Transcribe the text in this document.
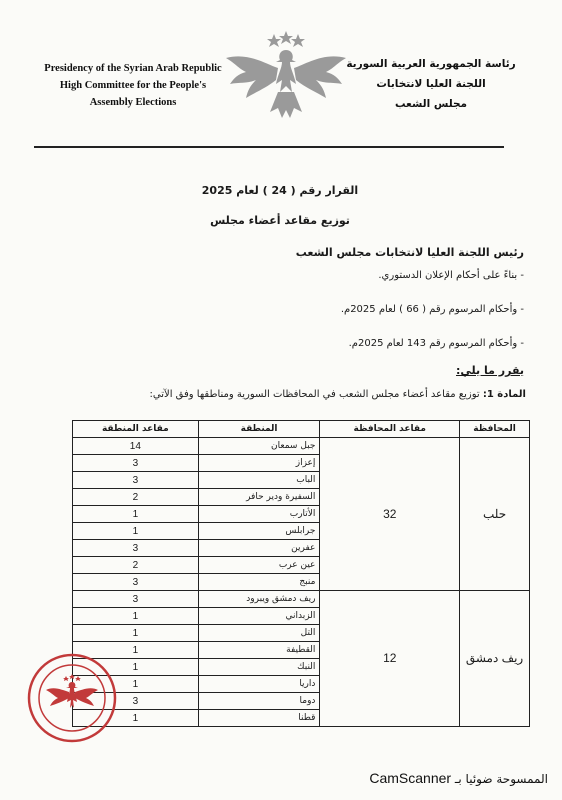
Presidency of the Syrian Arab Republic
High Committee for the People's
Assembly Elections
رئاسة الجمهورية العربية السورية
اللجنة العليا لانتخابات
مجلس الشعب
القرار رقم ( 24 ) لعام 2025
توزيع مقاعد أعضاء مجلس
رئيس اللجنة العليا لانتخابات مجلس الشعب
- بناءً على أحكام الإعلان الدستوري.
- وأحكام المرسوم رقم ( 66 ) لعام 2025م.
- وأحكام المرسوم رقم 143 لعام 2025م.
يقرر ما يلي:
المادة 1: توزيع مقاعد أعضاء مجلس الشعب في المحافظات السورية ومناطقها وفق الآتي:
المحافظة	مقاعد المحافظة	المنطقة	مقاعد المنطقة
حلب	32	جبل سمعان	14
		إعزاز	3
		الباب	3
		السفيرة ودير حافر	2
		الأتارب	1
		جرابلس	1
		عفرين	3
		عين عرب	2
		منبج	3
ريف دمشق	12	ريف دمشق ويبرود	3
		الزبداني	1
		التل	1
		القطيفة	1
		النبك	1
		داريا	1
		دوما	3
		قطنا	1
الممسوحة ضوئيا بـ CamScanner
